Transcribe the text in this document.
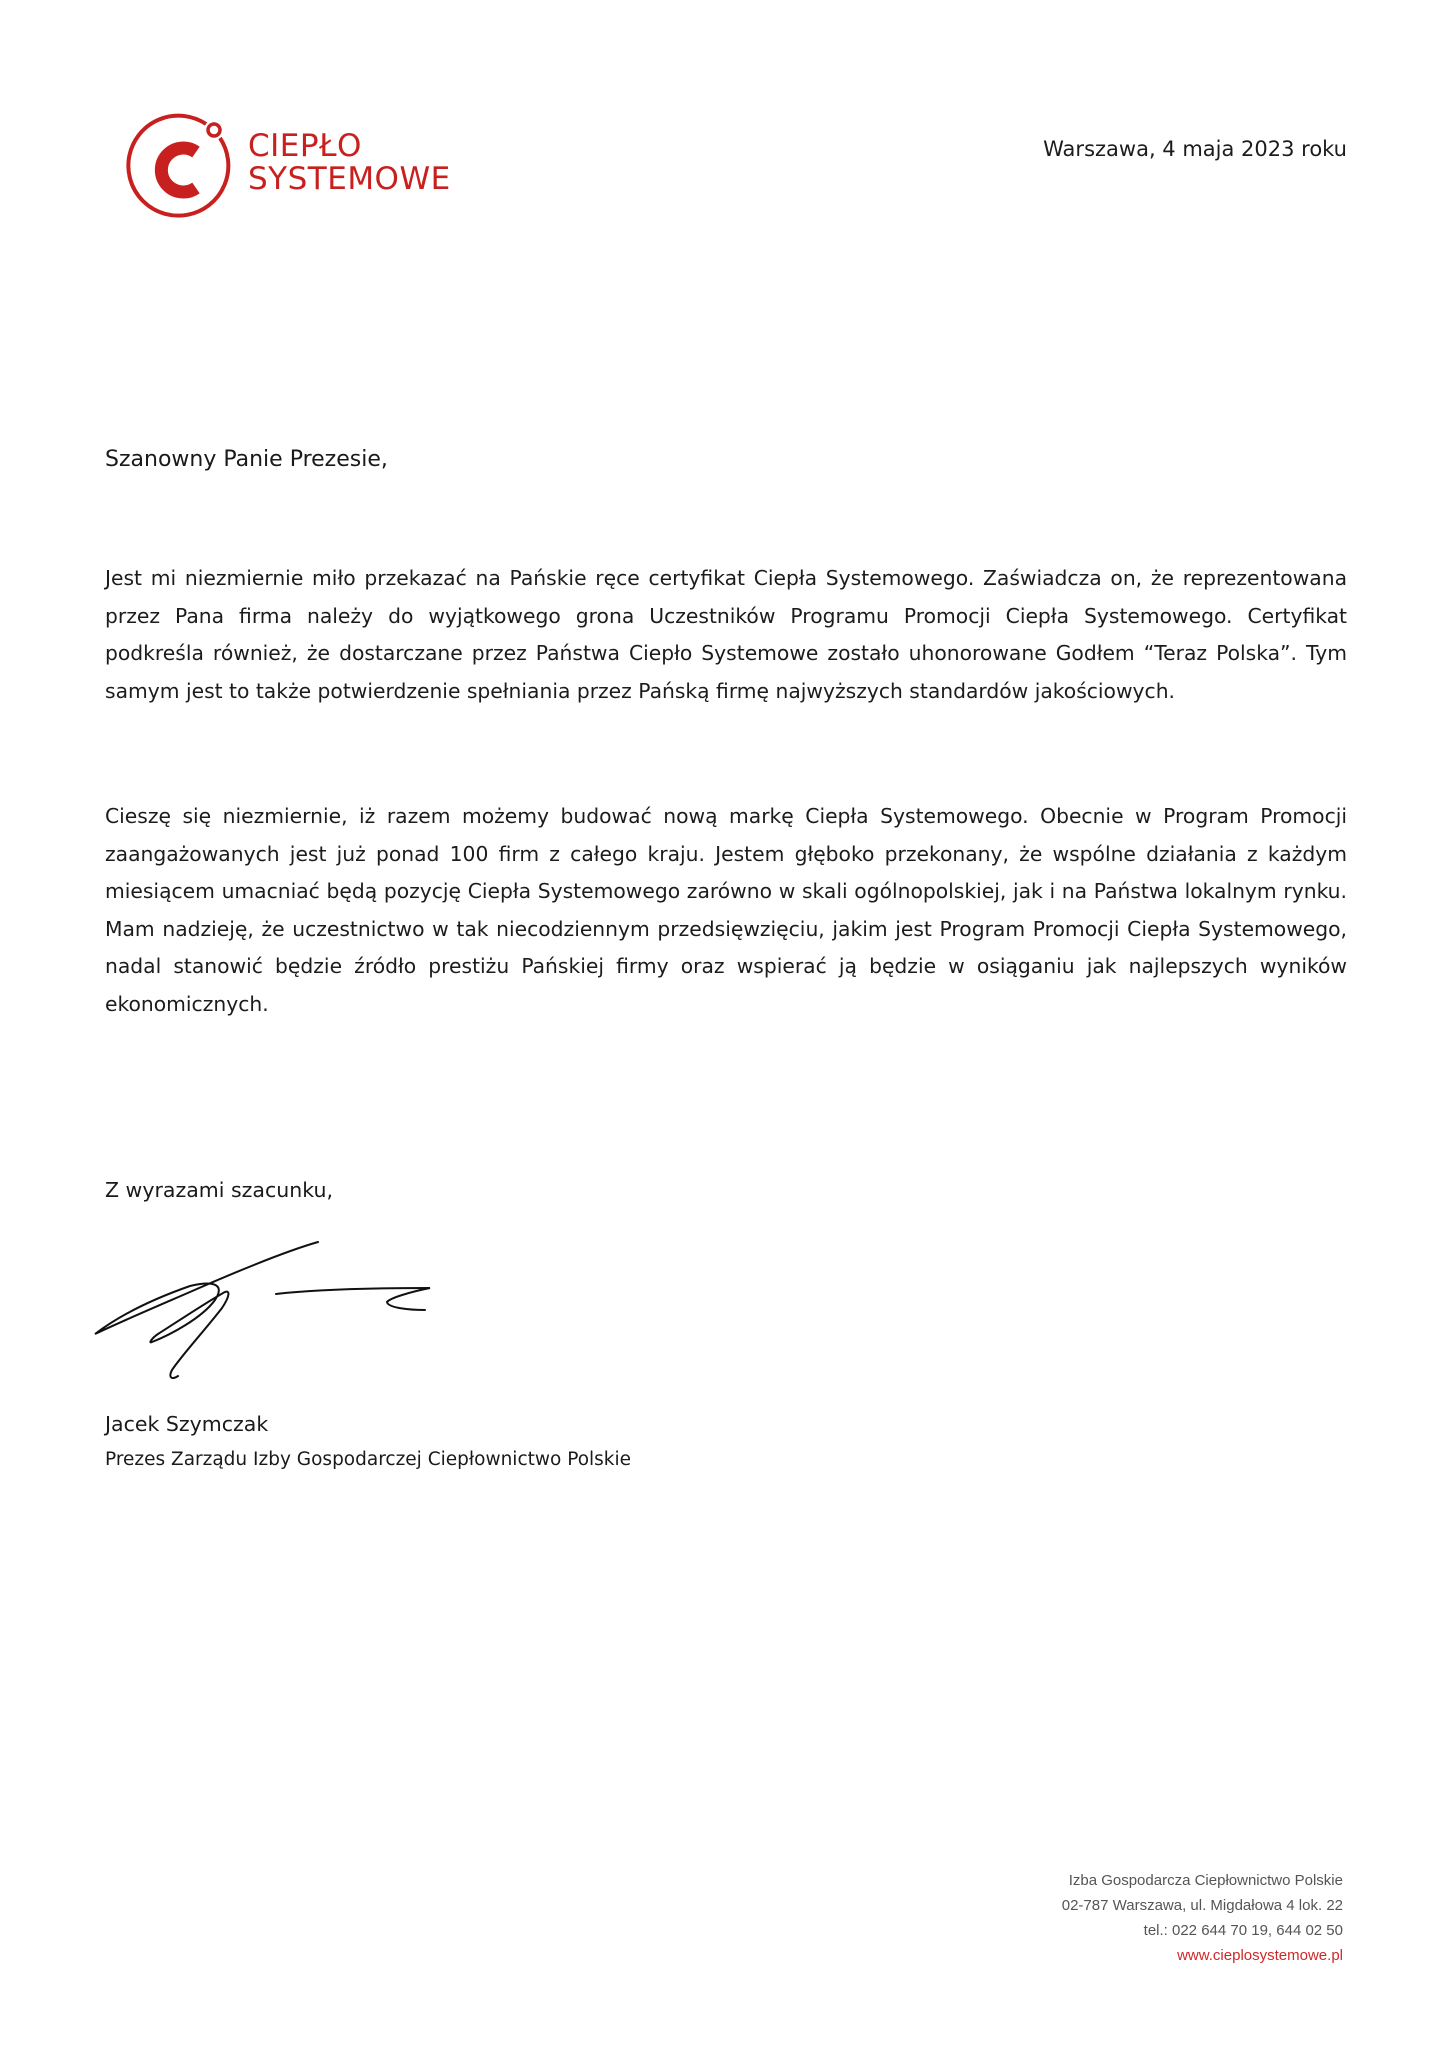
CIEPŁO
SYSTEMOWE
Warszawa, 4 maja 2023 roku
Szanowny Panie Prezesie,
Jest mi niezmiernie miło przekazać na Pańskie ręce certyfikat Ciepła Systemowego. Zaświadcza on, że reprezentowana przez Pana firma należy do wyjątkowego grona Uczestników Programu Promocji Ciepła Systemowego. Certyfikat podkreśla również, że dostarczane przez Państwa Ciepło Systemowe zostało uhonorowane Godłem “Teraz Polska”. Tym samym jest to także potwierdzenie spełniania przez Pańską firmę najwyższych standardów jakościowych.
Cieszę się niezmiernie, iż razem możemy budować nową markę Ciepła Systemowego. Obecnie w Program Promocji zaangażowanych jest już ponad 100 firm z całego kraju. Jestem głęboko przekonany, że wspólne działania z każdym miesiącem umacniać będą pozycję Ciepła Systemowego zarówno w skali ogólnopolskiej, jak i na Państwa lokalnym rynku. Mam nadzieję, że uczestnictwo w tak niecodziennym przedsięwzięciu, jakim jest Program Promocji Ciepła Systemowego, nadal stanowić będzie źródło prestiżu Pańskiej firmy oraz wspierać ją będzie w osiąganiu jak najlepszych wyników ekonomicznych.
Z wyrazami szacunku,
Jacek Szymczak
Prezes Zarządu Izby Gospodarczej Ciepłownictwo Polskie
Izba Gospodarcza Ciepłownictwo Polskie
02-787 Warszawa, ul. Migdałowa 4 lok. 22
tel.: 022 644 70 19, 644 02 50
www.cieplosystemowe.pl
